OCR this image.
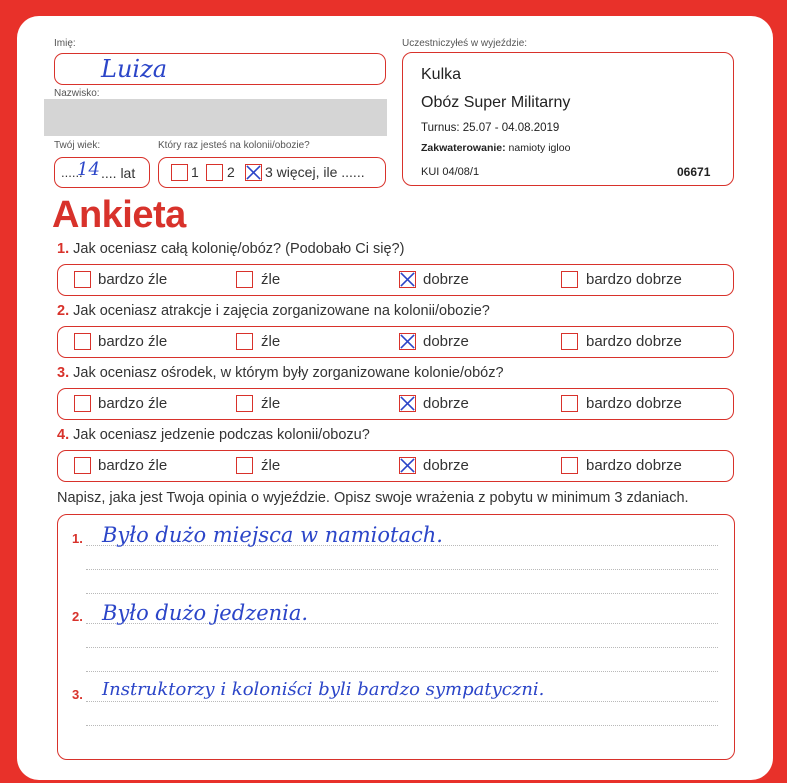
Imię:
Luiza
Nazwisko:
Twój wiek:
......
14 .... lat
Który raz jesteś na kolonii/obozie?
1 2 3 więcej, ile ......
Uczestniczyłeś w wyjeździe:
Kulka
Obóz Super Militarny
Turnus: 25.07 - 04.08.2019
Zakwaterowanie: namioty igloo
KUI 04/08/1	06671
Ankieta
1. Jak oceniasz całą kolonię/obóz? (Podobało Ci się?)
bardzo źle	źle	dobrze	bardzo dobrze
2. Jak oceniasz atrakcje i zajęcia zorganizowane na kolonii/obozie?
bardzo źle	źle	dobrze	bardzo dobrze
3. Jak oceniasz ośrodek, w którym były zorganizowane kolonie/obóz?
bardzo źle	źle	dobrze	bardzo dobrze
4. Jak oceniasz jedzenie podczas kolonii/obozu?
bardzo źle	źle	dobrze	bardzo dobrze
Napisz, jaka jest Twoja opinia o wyjeździe. Opisz swoje wrażenia z pobytu w minimum 3 zdaniach.
1. Było dużo miejsca w namiotach.
2. Było dużo jedzenia.
3. Instruktorzy i koloniści byli bardzo sympatyczni.
